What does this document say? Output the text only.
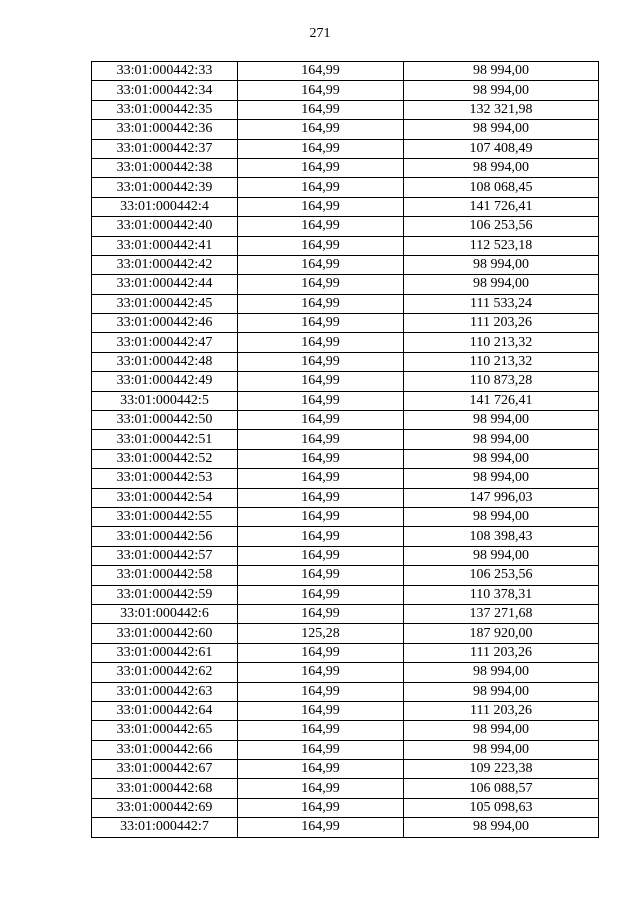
271
33:01:000442:33	164,99	98 994,00
33:01:000442:34	164,99	98 994,00
33:01:000442:35	164,99	132 321,98
33:01:000442:36	164,99	98 994,00
33:01:000442:37	164,99	107 408,49
33:01:000442:38	164,99	98 994,00
33:01:000442:39	164,99	108 068,45
33:01:000442:4	164,99	141 726,41
33:01:000442:40	164,99	106 253,56
33:01:000442:41	164,99	112 523,18
33:01:000442:42	164,99	98 994,00
33:01:000442:44	164,99	98 994,00
33:01:000442:45	164,99	111 533,24
33:01:000442:46	164,99	111 203,26
33:01:000442:47	164,99	110 213,32
33:01:000442:48	164,99	110 213,32
33:01:000442:49	164,99	110 873,28
33:01:000442:5	164,99	141 726,41
33:01:000442:50	164,99	98 994,00
33:01:000442:51	164,99	98 994,00
33:01:000442:52	164,99	98 994,00
33:01:000442:53	164,99	98 994,00
33:01:000442:54	164,99	147 996,03
33:01:000442:55	164,99	98 994,00
33:01:000442:56	164,99	108 398,43
33:01:000442:57	164,99	98 994,00
33:01:000442:58	164,99	106 253,56
33:01:000442:59	164,99	110 378,31
33:01:000442:6	164,99	137 271,68
33:01:000442:60	125,28	187 920,00
33:01:000442:61	164,99	111 203,26
33:01:000442:62	164,99	98 994,00
33:01:000442:63	164,99	98 994,00
33:01:000442:64	164,99	111 203,26
33:01:000442:65	164,99	98 994,00
33:01:000442:66	164,99	98 994,00
33:01:000442:67	164,99	109 223,38
33:01:000442:68	164,99	106 088,57
33:01:000442:69	164,99	105 098,63
33:01:000442:7	164,99	98 994,00
